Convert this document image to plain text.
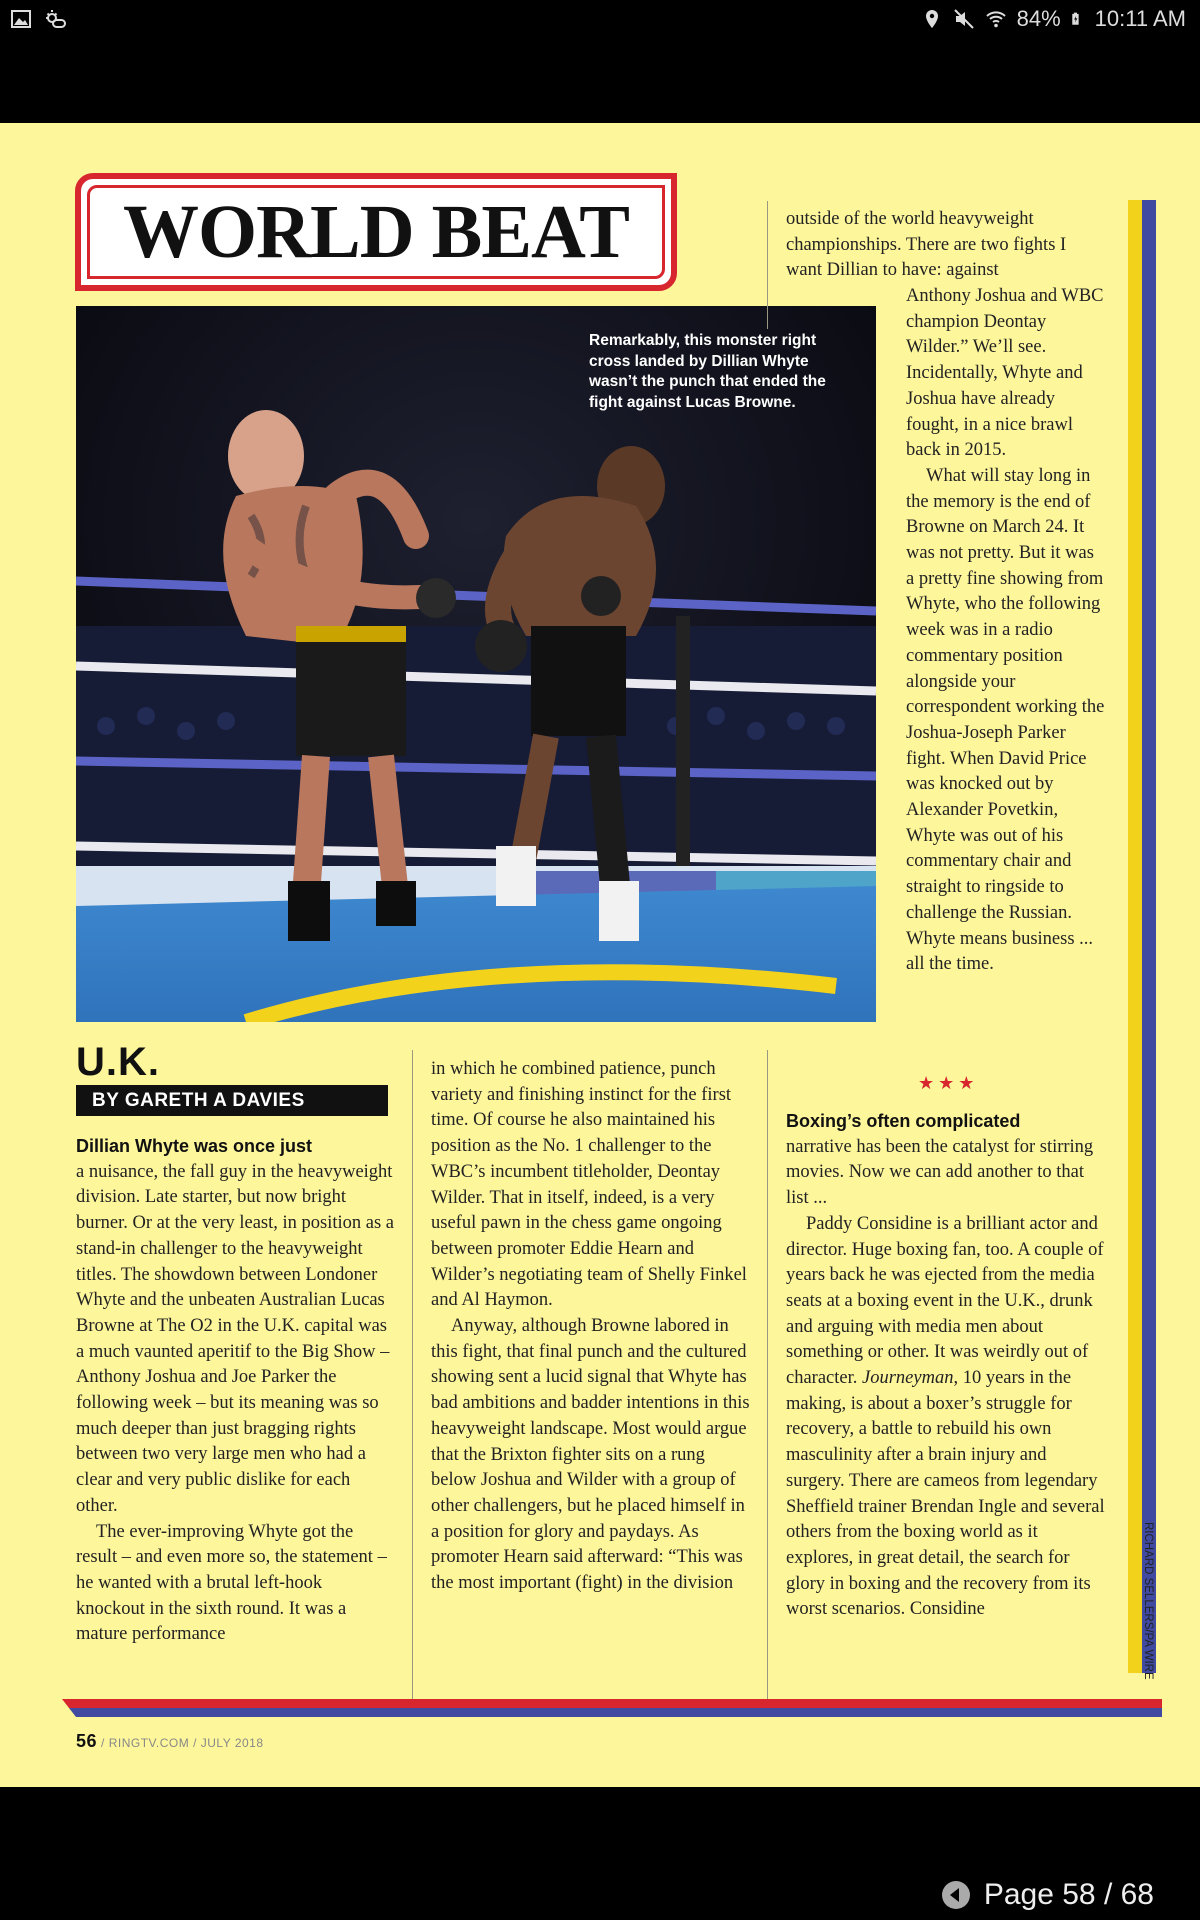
84% 10:11 AM
WORLD BEAT
Remarkably, this monster right cross landed by Dillian Whyte wasn’t the punch that ended the fight against Lucas Browne.
U.K.
BY GARETH A DAVIES
Dillian Whyte was once just

a nuisance, the fall guy in the heavyweight division. Late starter, but now bright burner. Or at the very least, in position as a stand-in challenger to the heavyweight titles. The showdown between Londoner Whyte and the unbeaten Australian Lucas Browne at The O2 in the U.K. capital was a much vaunted aperitif to the Big Show – Anthony Joshua and Joe Parker the following week – but its meaning was so much deeper than just bragging rights between two very large men who had a clear and very public dislike for each other.

The ever-improving Whyte got the result – and even more so, the statement – he wanted with a brutal left-hook knockout in the sixth round. It was a mature performance

in which he combined patience, punch variety and finishing instinct for the first time. Of course he also maintained his position as the No. 1 challenger to the WBC’s incumbent titleholder, Deontay Wilder. That in itself, indeed, is a very useful pawn in the chess game ongoing between promoter Eddie Hearn and Wilder’s negotiating team of Shelly Finkel and Al Haymon.

Anyway, although Browne labored in this fight, that final punch and the cultured showing sent a lucid signal that Whyte has bad ambitions and badder intentions in this heavyweight landscape. Most would argue that the Brixton fighter sits on a rung below Joshua and Wilder with a group of other challengers, but he placed himself in a position for glory and paydays. As promoter Hearn said afterward: “This was the most important (fight) in the division

outside of the world heavyweight championships. There are two fights I want Dillian to have: against

Anthony Joshua and WBC champion Deontay Wilder.” We’ll see. Incidentally, Whyte and Joshua have already fought, in a nice brawl back in 2015.

What will stay long in the memory is the end of Browne on March 24. It was not pretty. But it was a pretty fine showing from Whyte, who the following week was in a radio commentary position alongside your correspondent working the Joshua-Joseph Parker fight. When David Price was knocked out by Alexander Povetkin, Whyte was out of his commentary chair and straight to ringside to challenge the Russian. Whyte means business ... all the time.

★★★
Boxing’s often complicated

narrative has been the catalyst for stirring movies. Now we can add another to that list ...

Paddy Considine is a brilliant actor and director. Huge boxing fan, too. A couple of years back he was ejected from the media seats at a boxing event in the U.K., drunk and arguing with media men about something or other. It was weirdly out of character. Journeyman, 10 years in the making, is about a boxer’s struggle for recovery, a battle to rebuild his own masculinity after a brain injury and surgery. There are cameos from legendary Sheffield trainer Brendan Ingle and several others from the boxing world as it explores, in great detail, the search for glory in boxing and the recovery from its worst scenarios. Considine	RICHARD SELLERS/PA WIRE
56 / RINGTV.COM / JULY 2018
Page 58 / 68
